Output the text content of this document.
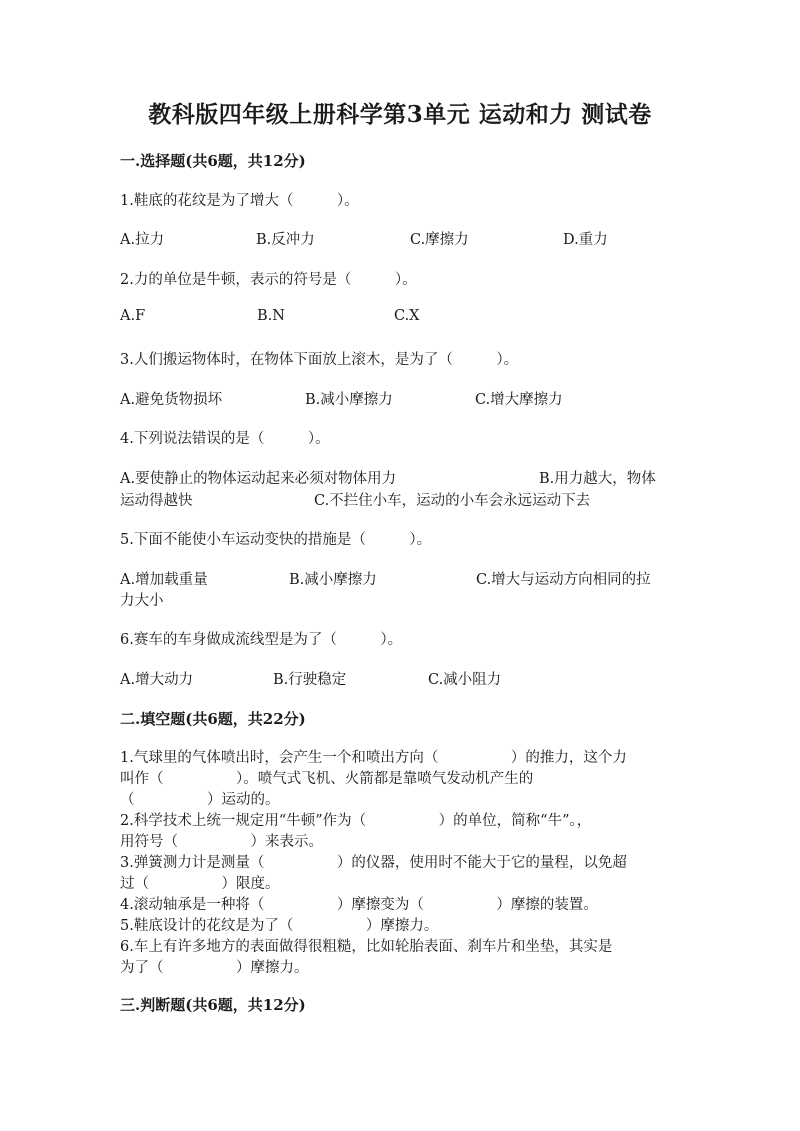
教科版四年级上册科学第3单元 运动和力 测试卷
一.选择题(共6题，共12分)
1.鞋底的花纹是为了增大（　　　）。
A.拉力	B.反冲力	C.摩擦力	D.重力
2.力的单位是牛顿，表示的符号是（　　　）。
A.F	B.N	C.X
3.人们搬运物体时，在物体下面放上滚木，是为了（　　　）。
A.避免货物损坏	B.减小摩擦力	C.增大摩擦力
4.下列说法错误的是（　　　）。
A.要使静止的物体运动起来必须对物体用力	B.用力越大，物体
运动得越快	C.不拦住小车，运动的小车会永远运动下去
5.下面不能使小车运动变快的措施是（　　　）。
A.增加载重量	B.减小摩擦力	C.增大与运动方向相同的拉
力大小
6.赛车的车身做成流线型是为了（　　　）。
A.增大动力	B.行驶稳定	C.减小阻力
二.填空题(共6题，共22分)
1.气球里的气体喷出时，会产生一个和喷出方向（　　　　　）的推力，这个力
叫作（　　　　　）。喷气式飞机、火箭都是靠喷气发动机产生的
（　　　　　）运动的。
2.科学技术上统一规定用“牛顿”作为（　　　　　）的单位，简称“牛”。，
用符号（　　　　　）来表示。
3.弹簧测力计是测量（　　　　　）的仪器，使用时不能大于它的量程，以免超
过（　　　　　）限度。
4.滚动轴承是一种将（　　　　　）摩擦变为（　　　　　）摩擦的装置。
5.鞋底设计的花纹是为了（　　　　　）摩擦力。
6.车上有许多地方的表面做得很粗糙，比如轮胎表面、刹车片和坐垫，其实是
为了（　　　　　）摩擦力。
三.判断题(共6题，共12分)
